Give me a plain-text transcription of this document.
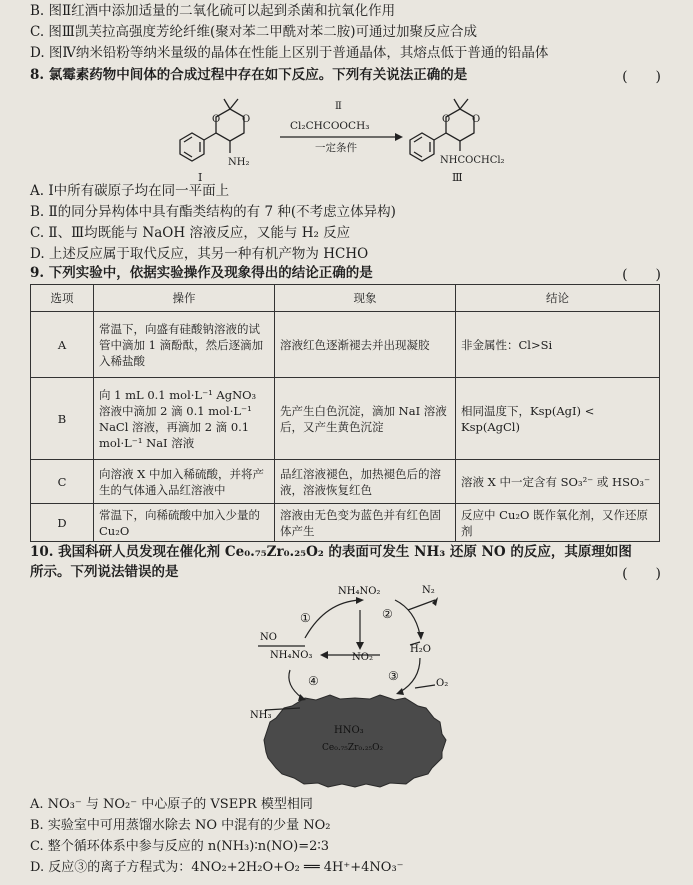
B. 图Ⅱ红酒中添加适量的二氧化硫可以起到杀菌和抗氧化作用
C. 图Ⅲ凯芙拉高强度芳纶纤维(聚对苯二甲酰对苯二胺)可通过加聚反应合成
D. 图Ⅳ纳米铅粉等纳米量级的晶体在性能上区别于普通晶体，其熔点低于普通的铅晶体
8. 氯霉素药物中间体的合成过程中存在如下反应。下列有关说法正确的是	(　　)
O O
NH₂
Ⅰ
Ⅱ
Cl₂CHCOOCH₃
一定条件
O O
NHCOCHCl₂
Ⅲ
A. Ⅰ中所有碳原子均在同一平面上
B. Ⅱ的同分异构体中具有酯类结构的有 7 种(不考虑立体异构)
C. Ⅱ、Ⅲ均既能与 NaOH 溶液反应，又能与 H₂ 反应
D. 上述反应属于取代反应，其另一种有机产物为 HCHO
9. 下列实验中，依据实验操作及现象得出的结论正确的是	(　　)
选项	操作	现象	结论
A	常温下，向盛有硅酸钠溶液的试管中滴加 1 滴酚酞，然后逐滴加入稀盐酸	溶液红色逐渐褪去并出现凝胶	非金属性：Cl>Si
B	向 1 mL 0.1 mol·L⁻¹ AgNO₃ 溶液中滴加 2 滴 0.1 mol·L⁻¹ NaCl 溶液，再滴加 2 滴 0.1 mol·L⁻¹ NaI 溶液	先产生白色沉淀，滴加 NaI 溶液后，又产生黄色沉淀	相同温度下，Ksp(AgI) < Ksp(AgCl)
C	向溶液 X 中加入稀硫酸，并将产生的气体通入品红溶液中	品红溶液褪色，加热褪色后的溶液，溶液恢复红色	溶液 X 中一定含有 SO₃²⁻ 或 HSO₃⁻
D	常温下，向稀硫酸中加入少量的 Cu₂O	溶液由无色变为蓝色并有红色固体产生	反应中 Cu₂O 既作氧化剂，又作还原剂
10. 我国科研人员发现在催化剂 Ce₀.₇₅Zr₀.₂₅O₂ 的表面可发生 NH₃ 还原 NO 的反应，其原理如图
所示。下列说法错误的是	(　　)
HNO₃
Ce₀.₇₅Zr₀.₂₅O₂
NO
NH₄NO₂	N₂
H₂O
NH₄NO₃	NO₂
O₂
NH₃
①	②
③
④
A. NO₃⁻ 与 NO₂⁻ 中心原子的 VSEPR 模型相同
B. 实验室中可用蒸馏水除去 NO 中混有的少量 NO₂
C. 整个循环体系中参与反应的 n(NH₃)∶n(NO)=2∶3
D. 反应③的离子方程式为：4NO₂+2H₂O+O₂ ══ 4H⁺+4NO₃⁻
